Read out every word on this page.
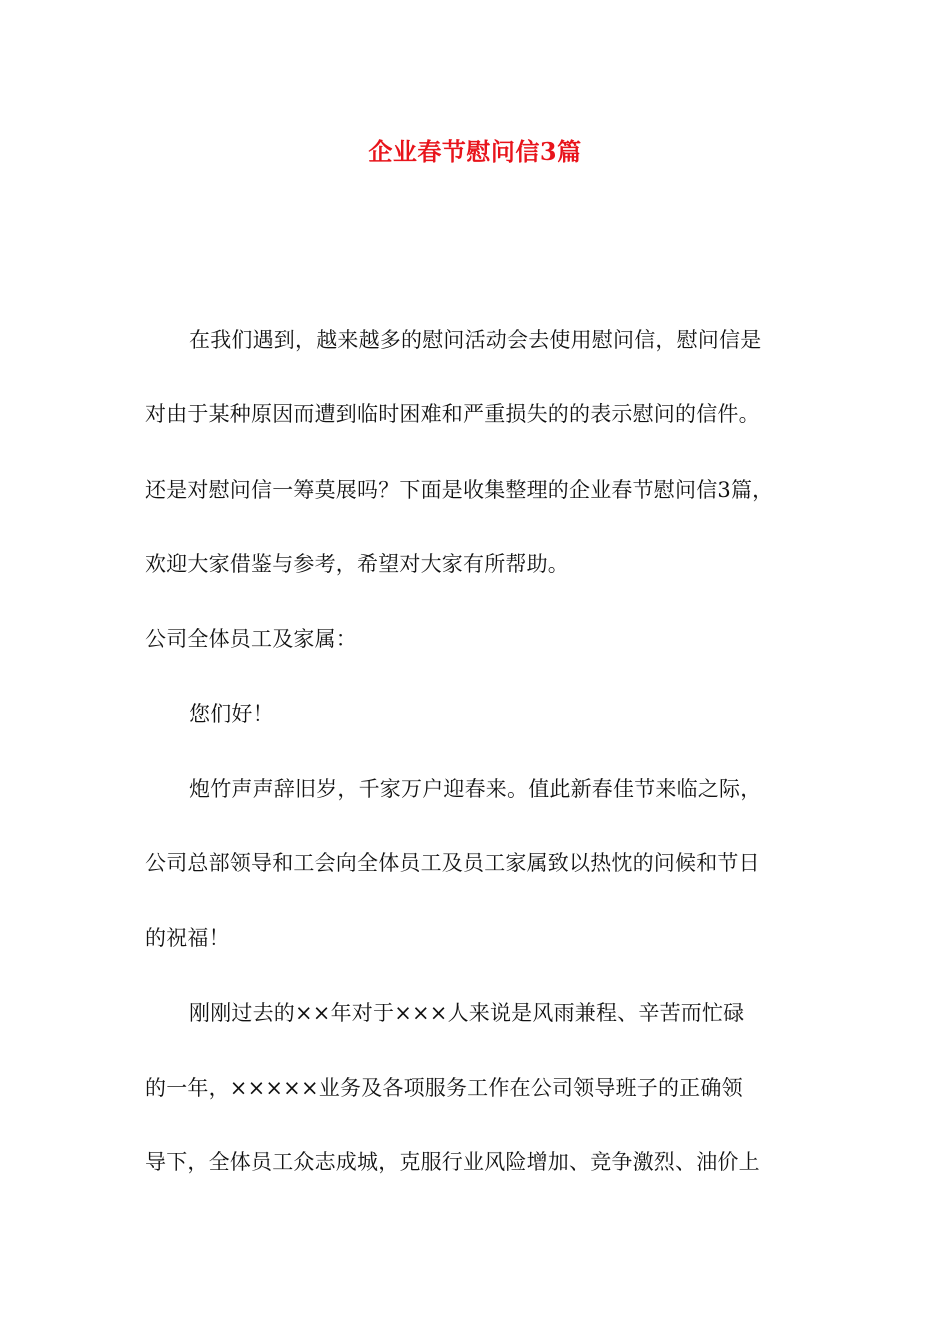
企业春节慰问信3篇
在我们遇到，越来越多的慰问活动会去使用慰问信，慰问信是
对由于某种原因而遭到临时困难和严重损失的的表示慰问的信件。
还是对慰问信一筹莫展吗？下面是收集整理的企业春节慰问信3篇，
欢迎大家借鉴与参考，希望对大家有所帮助。
公司全体员工及家属：
您们好！
炮竹声声辞旧岁，千家万户迎春来。值此新春佳节来临之际，
公司总部领导和工会向全体员工及员工家属致以热忱的问候和节日
的祝福！
刚刚过去的××年对于×××人来说是风雨兼程、辛苦而忙碌
的一年，×××××业务及各项服务工作在公司领导班子的正确领
导下，全体员工众志成城，克服行业风险增加、竞争激烈、油价上
